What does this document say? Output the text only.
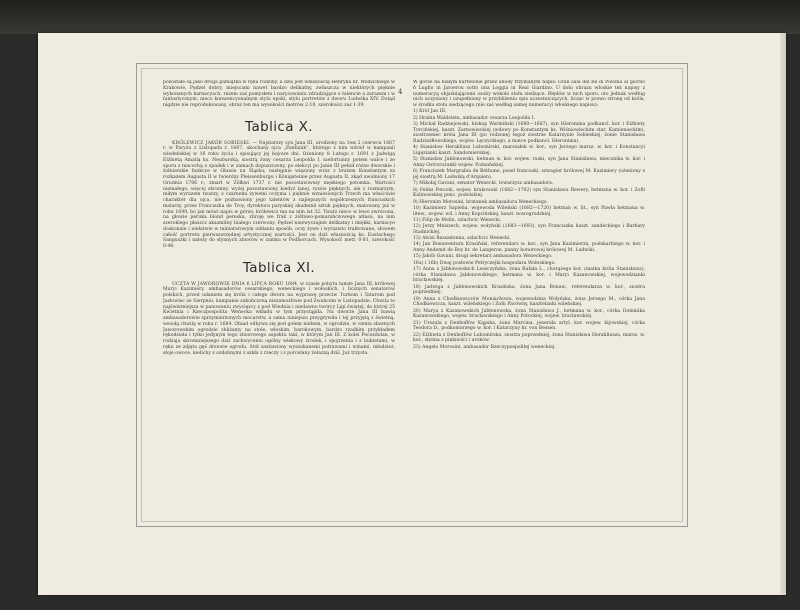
4

pozostałe są jako droga pamiątka w ręku rodziny, a dziś jest własnością Henryka hr. Wodzickiego w Krakowie. Pędzel dobry, miejscami nawet bardzo delikatny, zwłaszcza w niektórych pięknie wykonanych karnacyach, razem zaś pomysłem i narysowaniu zdradzające o talencie a zarazem i w fantastycznym, nieco konwencyonalnym stylu epoki, stylu portretów z dworu Ludwika XIV. Dotąd nigdzie nie reprodukowany, obraz ten ma wysokości metrów 2·10, szerokości zaś 1·39.

Tablica X.

KRÓLEWICZ JAKÓB SOBIESKI. — Najstarszy syn Jana III, urodzony na 1ем 2 czerwca 1667 r. w Paryżu z Listopada r. 1667, ukochany ojca „Fanfanik“, którego z nim wśród w kampanii wiedeńskiej w 16 roku życia i spisujący jej bojowe dni. Ożeniony 8 Lutego r. 1691 z Jadwigą Elżbietą Amalią ks. Neuburską, siostrą żony cesarza Leopolda I, niefortunny potem walce i ze sporu z macochą o spadek i w zamach dopuszczony, po elekcyi po Janie III pełnił różne dworskie i żołnierskie funkcye w Oławie na Śląsku; następnie więziony wraz z bratem Konstantym za rozkazem Augusta II w twierdzy Pleissenburgu i Königsteinie przez Augusta II, zkąd uwolniony 17 Grudnia 1706 r.; zmarł w Żółkwi 1737 r. nie pozostawiwszy męskiego potomka. Wartości niemałego, więcej skromny, wyżej pozostawiony kiedyś lanej, rysów pięknych, ale z rozmarzym, miłym wyrazem twarzy, z czarnemi żywemi oczyma i pięknie wzniesionych Trzech ma właściwie charakter dla ojca, nie pozbawiony jego talentów z najlepszych współczesnych francuskich malarzy, przez Franciszka de Troy, dyrektora paryskiej akademii sztuk pięknych, malowany już w roku 1699, bo jak mówi napis w górze, królewicz ma na nim lat 32. Twarz nieco w lewo zwrócona, na głowie peruka blond pereska, zbroję we frak z żółtawo-pomarańczowego atłasu, na nim szerokiego płaszcz aksamitny białego czerwony. Pędzel niezwyczajnie delikatny i miękki, karnacye doskonale i niełatwie w miniaturowym oddaniu sposób, oczy żywe i wyrazisto traktowane, słowem całość portretu pierwszorzędnej artystycznej wartości. Jest on dziś własnością ks. Eustachego Sanguszki i należy do słynnych zbiorów w zamku w Podhorcach. Wysokość metr. 0·81, szerokość 0·48.

Tablica XI.

UCZTA W JAWOROWIE DNIA 6 LIPCA ROKU 1684, w czasie pobytu tamże Jana III, królowej Maryi Kazimiery, ambasadorów cesarskiego, weneckiego i wołoskich, i licznych senatorów polskich, przed udaniem się króla i całego dworu na wyprawę przeciw Turkom i Tatarom pod Jazłowiec ze Sierpniu, kampanie zakończoną niezamożliwie pod Żwańcem w Listopadzie. Chwila to najświetniejsza w panowaniu zwycięzcy z pod Wiednia i niedawno twórcy Ligi świętej, do której 25 Kwietnia i Rzeczpospolita Wenecka wkładu w tym przystąpiła. Na dworze Jana III bawią ambasadorowie sprzymierzonych mocarstw, a sama niniejsza przygrywiła i tej przyjętą z świetną, wesołą chwilą w roku r. 1684. Obiad odbywa się pod gołem niebem, w ogrodzie, w cieniu sławnych Jaworowskim ogrodzie zbliżamy na stole, włoskim, barokowym, bardzo rzadkim przykładem rękodzieła i tylko jedynym tego zbiorowego aspektu taki, w którym Jan III. Z kolei Pocozdolan, w rodzaju skromniejszego dziś zachwyceniu ogólny wiekowy środek, i spojrzenia i z bukietami, w ręku ze zdjęta gęś drzewie ogrodu. Stół zastawiony wyszukanemi potrawami i winami, młodzież, słoje owoce, kielichy z ozdobnymi z szkła z rzeczy i z porcelany żelazną dziś. Już trzysta.

W górze na białym kartelonie przez anioły trzymanym napis: Gran sala del Re di Polonia al giorno 6 Luglio in Jaroerou sotto una Loggia in Real Giardino. U dołu obrazu włoskie też napisy z numeracyą objaśniającemi osoby wokoło stołu siedzące. Błędów w nich sporo, oto jednak według nich uczyniony i uzupełniony w przybliżeniu spis uczestniczących, liczac w prawo stronę od króla, w środku stołu siedzącego (nie zaś według samej numeracyi włoskiego napisu):

1) Król Jan III.

2) Hrabia Waldstein, ambasador cesarza Leopolda I.

3) Michał Radziejowski, biskup Warmiński (1680—1687), syn Hieronima podkancl. kor. i Elżbiety Trzcińskiej, kaszt. Zarnowieckiej (wdowy po Konstantym ks. Wiśniowieckim star. Kamienieckim), siostrzeniec króla Jana III (po rodzonej tegoż siostrze Katarzynie Sobieskiej, żonie Stanisława Radziwiłłowskiego, wojew. Lęczyckiego, a matce podkancl. Hieronima).

4) Stanisław Herakliusz Lubomirski, marszałek w. kor., syn Jerzego marsz. w. kor. i Konstancyi Ligęzianki kaszt. Sandomierskiej.

5) Stanisław Jabłonowski, hetman w. kor. wojew. ruski, syn Jana Stanisława, miecznika w. kor. i Anny Ostrorożanki wojew. Poznańskiej.

6) Franciszek Margrabia de Béthune, poseł francuski, szwagier królowej M. Kazimiery (ożeniony z jej siostrą M. Ludwiką d'Arquien).

7) Mikołaj Gavani, senator Wenecki, towarzysz ambasadora.

8) Feliks Potocki, wojew. krakowski (1682—1702) syn Stanisława Rewery, hetmana w. kor. i Zofii Kalinowskiej ponc. podolskiej.

9) Hieronim Morosini, bratanek ambasadora Weneckiego.

10) Kazimierz Sapieha, wojewoda Wileński (1682—1720) hetman w. lit., syn Pawła hetmana w. litew., wojew. wil. i Anny Kopcińskiej, kaszt. nowogrodzkiej.

11) Filip de Molin, szlachcic Wenecki.

12) Jerzy Mniszech, wojew. wołyński (1683—1693), syn Franciszka kaszt. sandeckiego i Barbary Stadnickiej.

13) Alvisi Bassadonna, szlachcic Wenecki.

14) Jan Bonawentura Krasiński, referendarz w. kor., syn Jana Kazimierza, podskarbiego w. kor. i Anny Andemit de Boy hr. de Langeron, panny honorowej królowej M. Ludwiki.

15) Jakób Gavani, drugi sekretarz ambasadora Weneckiego.

16a) i 16b) Dwaj posłowie Petryczejki hospodara Wołoskiego.

17) Anna z Jabłonowskich Leszczyńska, żona Rafała L., chorążego kor. (matka króla Stanisława), córka Stanisława Jabłonowskiego, hetmana w. kor. i Maryi Kazanowskiej, wojewodzianki bracławskiej.

18) Jadwiga z Jabłonowskich Krasińska, żona Jana Bonaw., referendarza w. kor., siostra poprzedniej.

19) Anna z Chodkiewiczów Moniachowa, wojewodzina Wołyńska, żona Jerzego M., córka Jana Chodkiewicza, kaszt. wileńskiego i Zofii Pacówny, kasztelanki wileńskiej.

20) Marya z Kazanowskich Jabłonowska, żona Stanisława J., hetmana w. kor., córka Dominika Kazanowskiego, wojew. bracławskiego i Anny Potockiej, wojew. bracławskiej.

21) Urszula z Denhoffów Kąpska, żona Marcina, jenerała artyl. kor. wojew. kijowskiej, córka Teodora D., podkomorzego w. kor. i Katarzyny hr. von Bessen.

22) Elżbieta z Denhoffów Lubomirska, siostra poprzedniej, żona Stanisława Herakliusza, marsz. w. kor., słynna z piękności i uroków.

23) Angelo Morosini, ambasador Rzeczypospolitej weneckiej.
